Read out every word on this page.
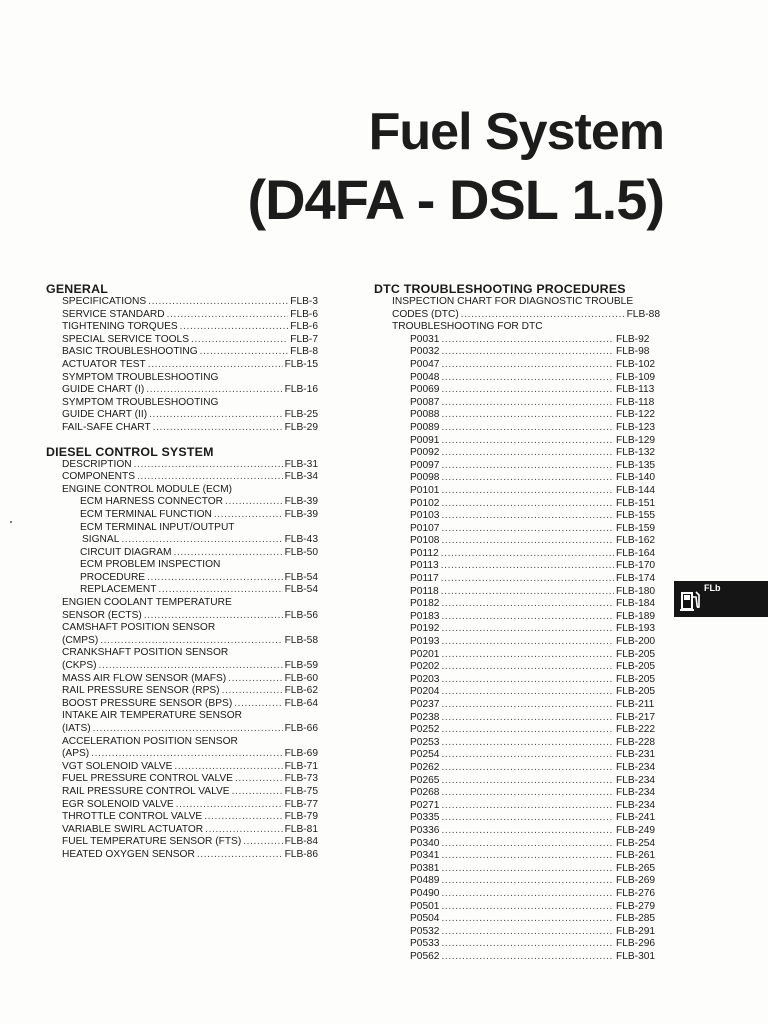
Fuel System
(D4FA - DSL 1.5)
GENERAL
SPECIFICATIONS .....	FLB-3
SERVICE STANDARD .....	FLB-6
TIGHTENING TORQUES .....	FLB-6
SPECIAL SERVICE TOOLS .....	FLB-7
BASIC TROUBLESHOOTING .....	FLB-8
ACTUATOR TEST .....	FLB-15
SYMPTOM TROUBLESHOOTING
GUIDE CHART (I) .....	FLB-16
SYMPTOM TROUBLESHOOTING
GUIDE CHART (II) .....	FLB-25
FAIL-SAFE CHART .....	FLB-29
DIESEL CONTROL SYSTEM
DESCRIPTION .....	FLB-31
COMPONENTS .....	FLB-34
ENGINE CONTROL MODULE (ECM)
ECM HARNESS CONNECTOR .....	FLB-39
ECM TERMINAL FUNCTION .....	FLB-39
ECM TERMINAL INPUT/OUTPUT
SIGNAL .....	FLB-43
CIRCUIT DIAGRAM .....	FLB-50
ECM PROBLEM INSPECTION
PROCEDURE .....	FLB-54
REPLACEMENT .....	FLB-54
ENGIEN COOLANT TEMPERATURE
SENSOR (ECTS) .....	FLB-56
CAMSHAFT POSITION SENSOR
(CMPS) .....	FLB-58
CRANKSHAFT POSITION SENSOR
(CKPS) .....	FLB-59
MASS AIR FLOW SENSOR (MAFS) .....	FLB-60
RAIL PRESSURE SENSOR (RPS) .....	FLB-62
BOOST PRESSURE SENSOR (BPS) .....	FLB-64
INTAKE AIR TEMPERATURE SENSOR
(IATS) .....	FLB-66
ACCELERATION POSITION SENSOR
(APS) .....	FLB-69
VGT SOLENOID VALVE .....	FLB-71
FUEL PRESSURE CONTROL VALVE .....	FLB-73
RAIL PRESSURE CONTROL VALVE .....	FLB-75
EGR SOLENOID VALVE .....	FLB-77
THROTTLE CONTROL VALVE .....	FLB-79
VARIABLE SWIRL ACTUATOR .....	FLB-81
FUEL TEMPERATURE SENSOR (FTS) .....	FLB-84
HEATED OXYGEN SENSOR .....	FLB-86
DTC TROUBLESHOOTING PROCEDURES
INSPECTION CHART FOR DIAGNOSTIC TROUBLE
CODES (DTC) .....	FLB-88
TROUBLESHOOTING FOR DTC
P0031 .....	FLB-92
P0032 .....	FLB-98
P0047 .....	FLB-102
P0048 .....	FLB-109
P0069 .....	FLB-113
P0087 .....	FLB-118
P0088 .....	FLB-122
P0089 .....	FLB-123
P0091 .....	FLB-129
P0092 .....	FLB-132
P0097 .....	FLB-135
P0098 .....	FLB-140
P0101 .....	FLB-144
P0102 .....	FLB-151
P0103 .....	FLB-155
P0107 .....	FLB-159
P0108 .....	FLB-162
P0112 .....	FLB-164
P0113 .....	FLB-170
P0117 .....	FLB-174
P0118 .....	FLB-180
P0182 .....	FLB-184
P0183 .....	FLB-189
P0192 .....	FLB-193
P0193 .....	FLB-200
P0201 .....	FLB-205
P0202 .....	FLB-205
P0203 .....	FLB-205
P0204 .....	FLB-205
P0237 .....	FLB-211
P0238 .....	FLB-217
P0252 .....	FLB-222
P0253 .....	FLB-228
P0254 .....	FLB-231
P0262 .....	FLB-234
P0265 .....	FLB-234
P0268 .....	FLB-234
P0271 .....	FLB-234
P0335 .....	FLB-241
P0336 .....	FLB-249
P0340 .....	FLB-254
P0341 .....	FLB-261
P0381 .....	FLB-265
P0489 .....	FLB-269
P0490 .....	FLB-276
P0501 .....	FLB-279
P0504 .....	FLB-285
P0532 .....	FLB-291
P0533 .....	FLB-296
P0562 .....	FLB-301
FLb
